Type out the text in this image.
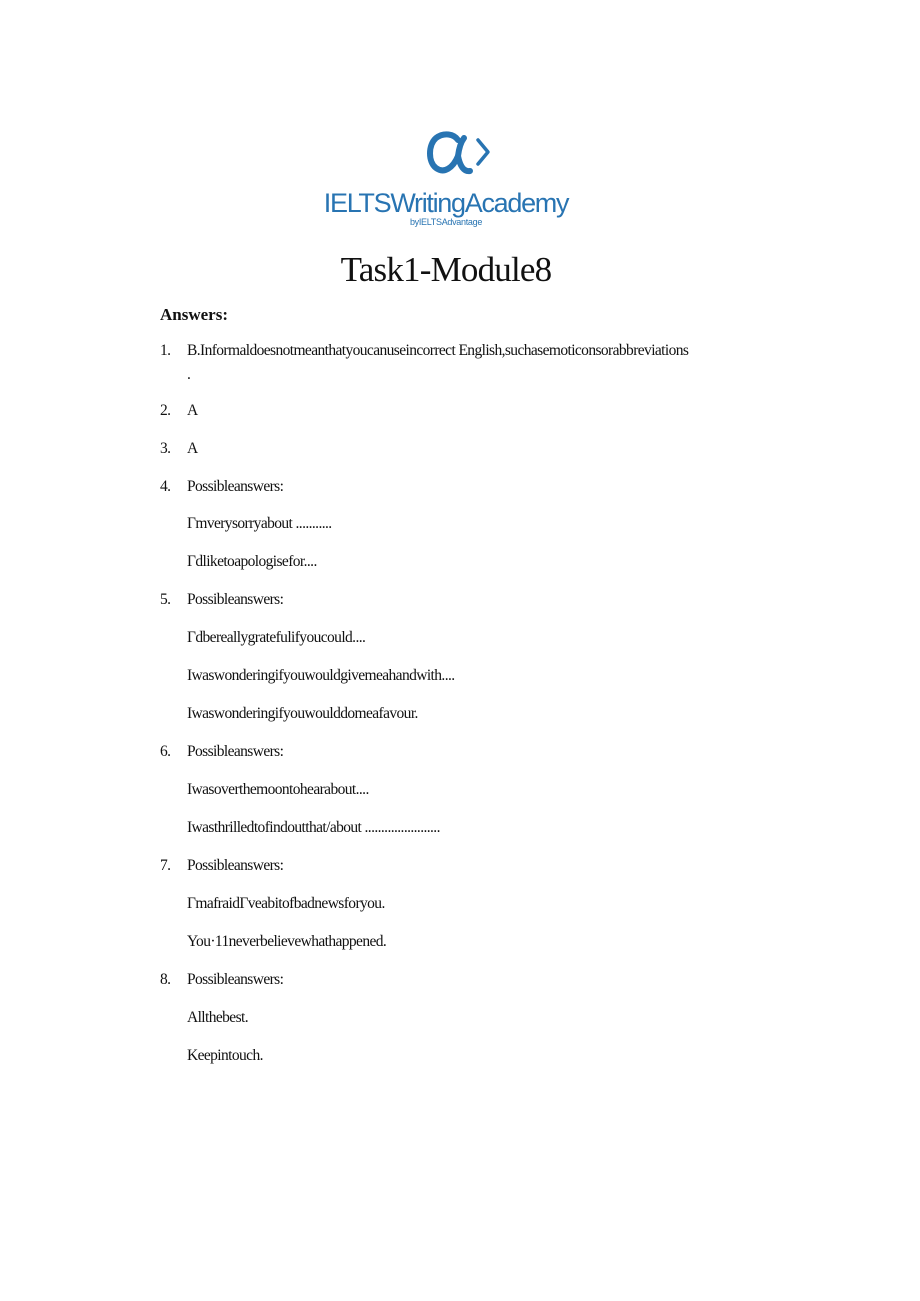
IELTSWritingAcademy
byIELTSAdvantage
Task1-Module8
Answers:
1. B.Informaldoesnotmeanthatyoucanuseincorrect English,suchasemoticonsorabbreviations
.
2. A
3. A
4. Possibleanswers:
Γmverysorryabout ...........
Γdliketoapologisefor....
5. Possibleanswers:
Γdbereallygratefulifyoucould....
Iwaswonderingifyouwouldgivemeahandwith....
Iwaswonderingifyouwoulddomeafavour.
6. Possibleanswers:
Iwasoverthemoontohearabout....
Iwasthrilledtofindoutthat/about .......................
7. Possibleanswers:
ΓmafraidΓveabitofbadnewsforyou.
You·11neverbelievewhathappened.
8. Possibleanswers:
Allthebest.
Keepintouch.
